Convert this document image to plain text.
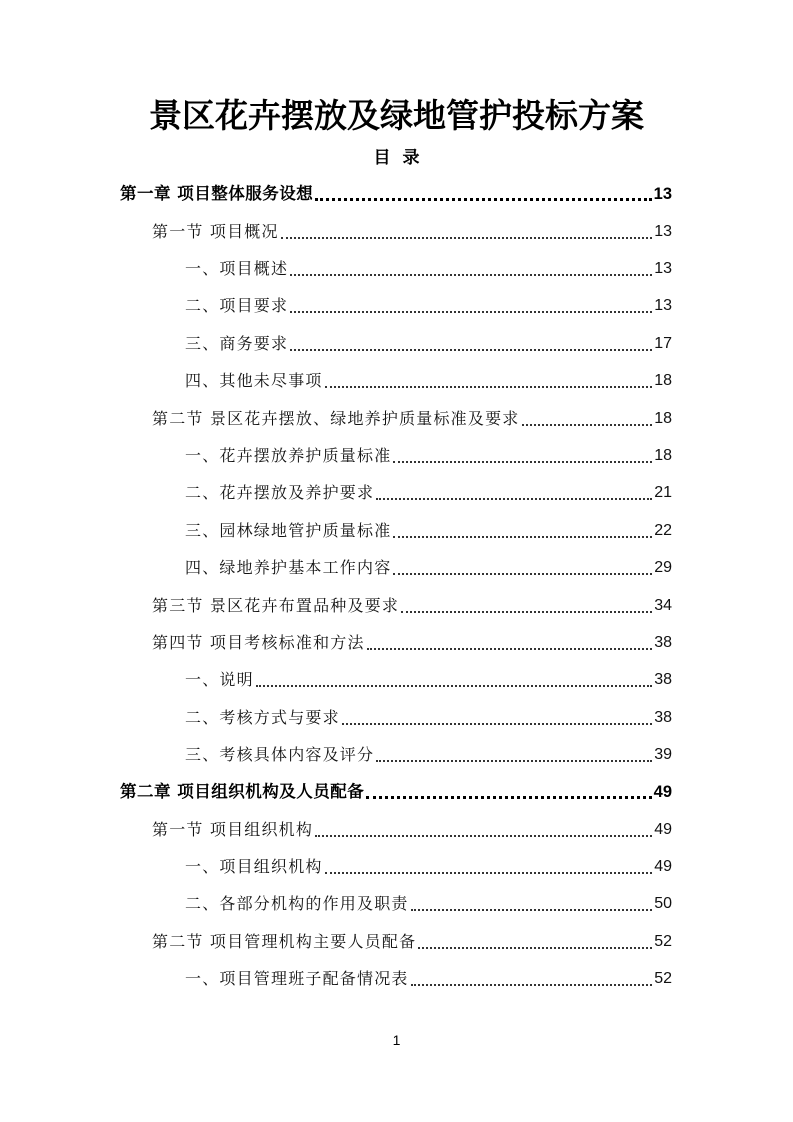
景区花卉摆放及绿地管护投标方案
目 录
第一章 项目整体服务设想	13
第一节 项目概况	13
一、项目概述	13
二、项目要求	13
三、商务要求	17
四、其他未尽事项	18
第二节 景区花卉摆放、绿地养护质量标准及要求	18
一、花卉摆放养护质量标准	18
二、花卉摆放及养护要求	21
三、园林绿地管护质量标准	22
四、绿地养护基本工作内容	29
第三节 景区花卉布置品种及要求	34
第四节 项目考核标准和方法	38
一、说明	38
二、考核方式与要求	38
三、考核具体内容及评分	39
第二章 项目组织机构及人员配备	49
第一节 项目组织机构	49
一、项目组织机构	49
二、各部分机构的作用及职责	50
第二节 项目管理机构主要人员配备	52
一、项目管理班子配备情况表	52
1
